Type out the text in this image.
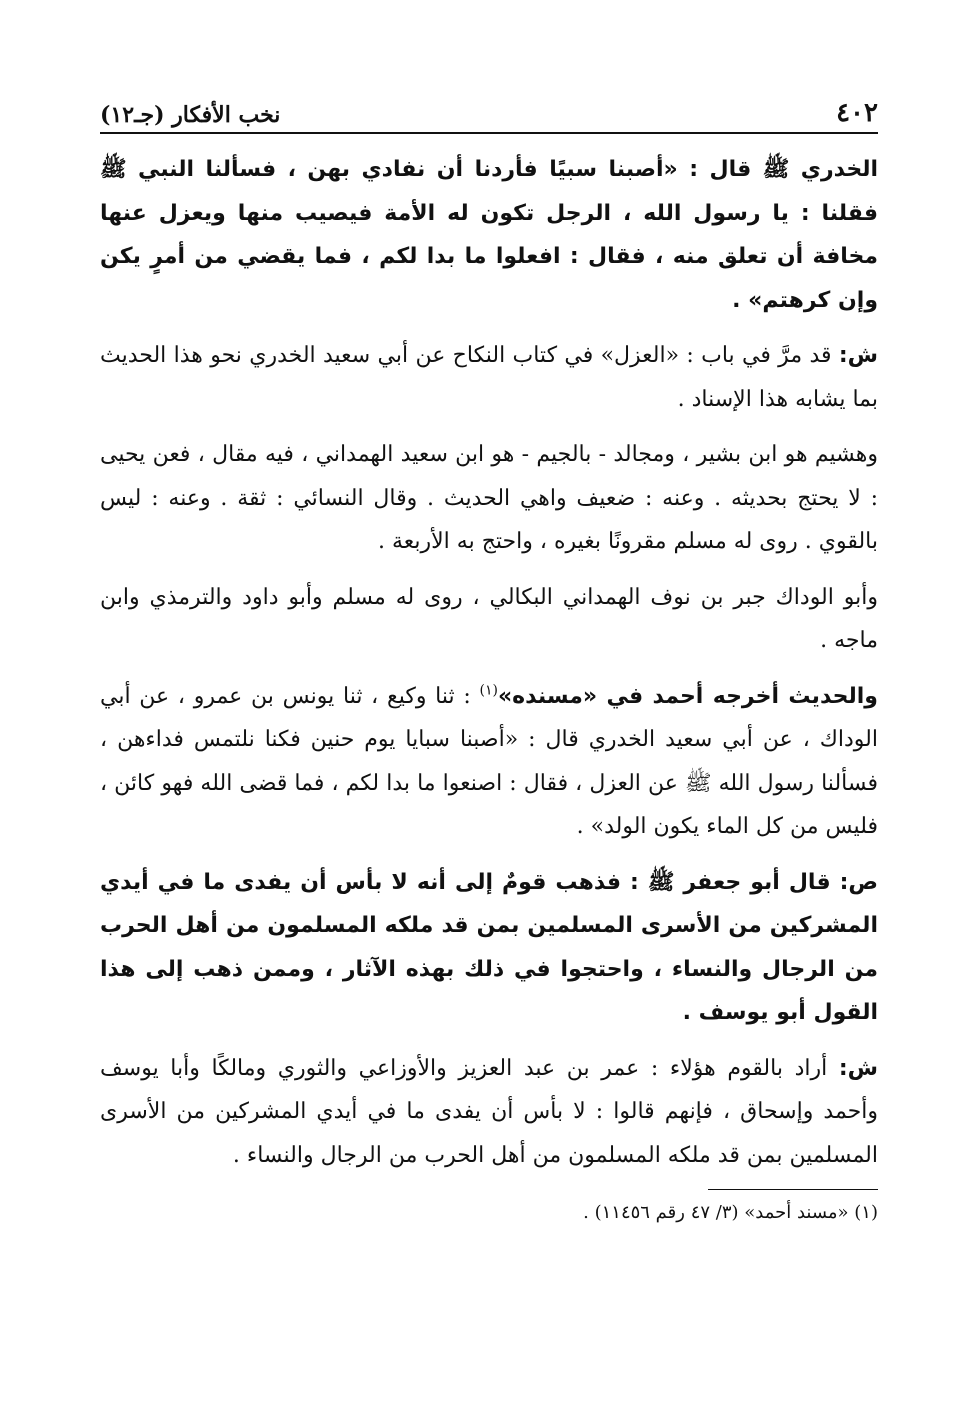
٤٠٢
نخب الأفكار (جـ١٢)

الخدري ﷺ قال : «أصبنا سبيًا فأردنا أن نفادي بهن ، فسألنا النبي ﷺ فقلنا : يا رسول الله ، الرجل تكون له الأمة فيصيب منها ويعزل عنها مخافة أن تعلق منه ، فقال : افعلوا ما بدا لكم ، فما يقضي من أمرٍ يكن وإن كرهتم» .

ش: قد مرَّ في باب : «العزل» في كتاب النكاح عن أبي سعيد الخدري نحو هذا الحديث بما يشابه هذا الإسناد .

وهشيم هو ابن بشير ، ومجالد - بالجيم - هو ابن سعيد الهمداني ، فيه مقال ، فعن يحيى : لا يحتج بحديثه . وعنه : ضعيف واهي الحديث . وقال النسائي : ثقة . وعنه : ليس بالقوي . روى له مسلم مقرونًا بغيره ، واحتج به الأربعة .

وأبو الوداك جبر بن نوف الهمداني البكالي ، روى له مسلم وأبو داود والترمذي وابن ماجه .

والحديث أخرجه أحمد في «مسنده»$^{(١)}$ : ثنا وكيع ، ثنا يونس بن عمرو ، عن أبي الوداك ، عن أبي سعيد الخدري قال : «أصبنا سبايا يوم حنين فكنا نلتمس فداءهن ، فسألنا رسول الله ﷺ عن العزل ، فقال : اصنعوا ما بدا لكم ، فما قضى الله فهو كائن ، فليس من كل الماء يكون الولد» .

ص: قال أبو جعفر ﷺ : فذهب قومٌ إلى أنه لا بأس أن يفدى ما في أيدي المشركين من الأسرى المسلمين بمن قد ملكه المسلمون من أهل الحرب من الرجال والنساء ، واحتجوا في ذلك بهذه الآثار ، وممن ذهب إلى هذا القول أبو يوسف .

ش: أراد بالقوم هؤلاء : عمر بن عبد العزيز والأوزاعي والثوري ومالكًا وأبا يوسف وأحمد وإسحاق ، فإنهم قالوا : لا بأس أن يفدى ما في أيدي المشركين من الأسرى المسلمين بمن قد ملكه المسلمون من أهل الحرب من الرجال والنساء .

(١) «مسند أحمد» (٣/ ٤٧ رقم ١١٤٥٦) .
